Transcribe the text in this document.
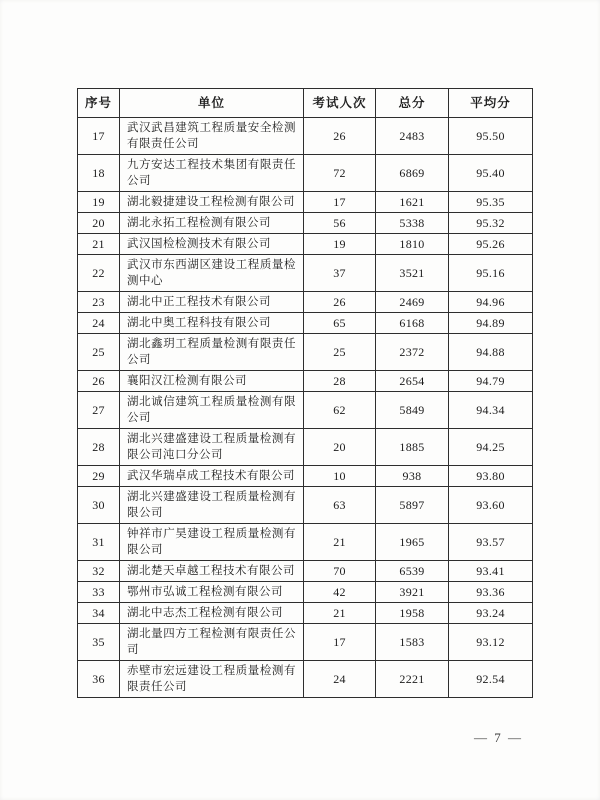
序号	单位	考试人次	总分	平均分
17	武汉武昌建筑工程质量安全检测有限责任公司	26	2483	95.50
18	九方安达工程技术集团有限责任公司	72	6869	95.40
19	湖北毅捷建设工程检测有限公司	17	1621	95.35
20	湖北永拓工程检测有限公司	56	5338	95.32
21	武汉国检检测技术有限公司	19	1810	95.26
22	武汉市东西湖区建设工程质量检测中心	37	3521	95.16
23	湖北中正工程技术有限公司	26	2469	94.96
24	湖北中奥工程科技有限公司	65	6168	94.89
25	湖北鑫玥工程质量检测有限责任公司	25	2372	94.88
26	襄阳汉江检测有限公司	28	2654	94.79
27	湖北诚信建筑工程质量检测有限公司	62	5849	94.34
28	湖北兴建盛建设工程质量检测有限公司沌口分公司	20	1885	94.25
29	武汉华瑞卓成工程技术有限公司	10	938	93.80
30	湖北兴建盛建设工程质量检测有限公司	63	5897	93.60
31	钟祥市广昊建设工程质量检测有限公司	21	1965	93.57
32	湖北楚天卓越工程技术有限公司	70	6539	93.41
33	鄂州市弘诚工程检测有限公司	42	3921	93.36
34	湖北中志杰工程检测有限公司	21	1958	93.24
35	湖北量四方工程检测有限责任公司	17	1583	93.12
36	赤壁市宏远建设工程质量检测有限责任公司	24	2221	92.54
— 7 —
